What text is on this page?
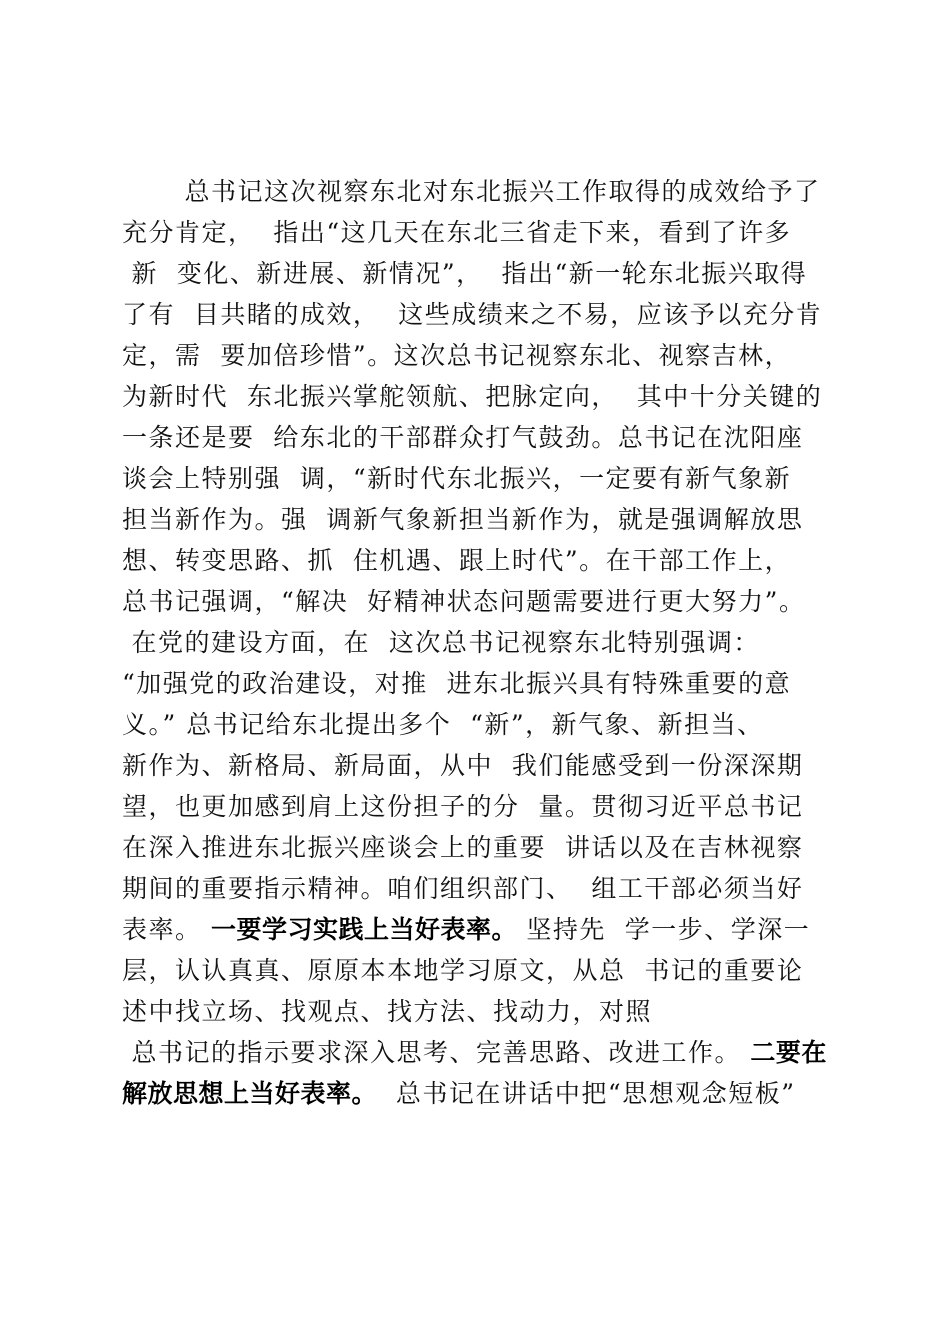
　　 总书记这次视察东北对东北振兴工作取得的成效给予了
充分肯定，  指出“这几天在东北三省走下来，看到了许多
新  变化、新进展、新情况”，  指出“新一轮东北振兴取得
了有  目共睹的成效，  这些成绩来之不易，应该予以充分肯
定，需  要加倍珍惜”。这次总书记视察东北、视察吉林，
为新时代  东北振兴掌舵领航、把脉定向，  其中十分关键的
一条还是要  给东北的干部群众打气鼓劲。总书记在沈阳座
谈会上特别强  调，“新时代东北振兴，一定要有新气象新
担当新作为。强  调新气象新担当新作为，就是强调解放思
想、转变思路、抓  住机遇、跟上时代”。在干部工作上，
总书记强调，“解决  好精神状态问题需要进行更大努力”。
在党的建设方面，在  这次总书记视察东北特别强调：
“加强党的政治建设，对推  进东北振兴具有特殊重要的意
义。” 总书记给东北提出多个  “新”，新气象、新担当、
新作为、新格局、新局面，从中  我们能感受到一份深深期
望，也更加感到肩上这份担子的分  量。贯彻习近平总书记
在深入推进东北振兴座谈会上的重要  讲话以及在吉林视察
期间的重要指示精神。咱们组织部门、  组工干部必须当好
表率。 一要学习实践上当好表率。 坚持先  学一步、学深一
层，认认真真、原原本本地学习原文，从总  书记的重要论
述中找立场、找观点、找方法、找动力，对照
总书记的指示要求深入思考、完善思路、改进工作。 二要在
解放思想上当好表率。  总书记在讲话中把“思想观念短板”
